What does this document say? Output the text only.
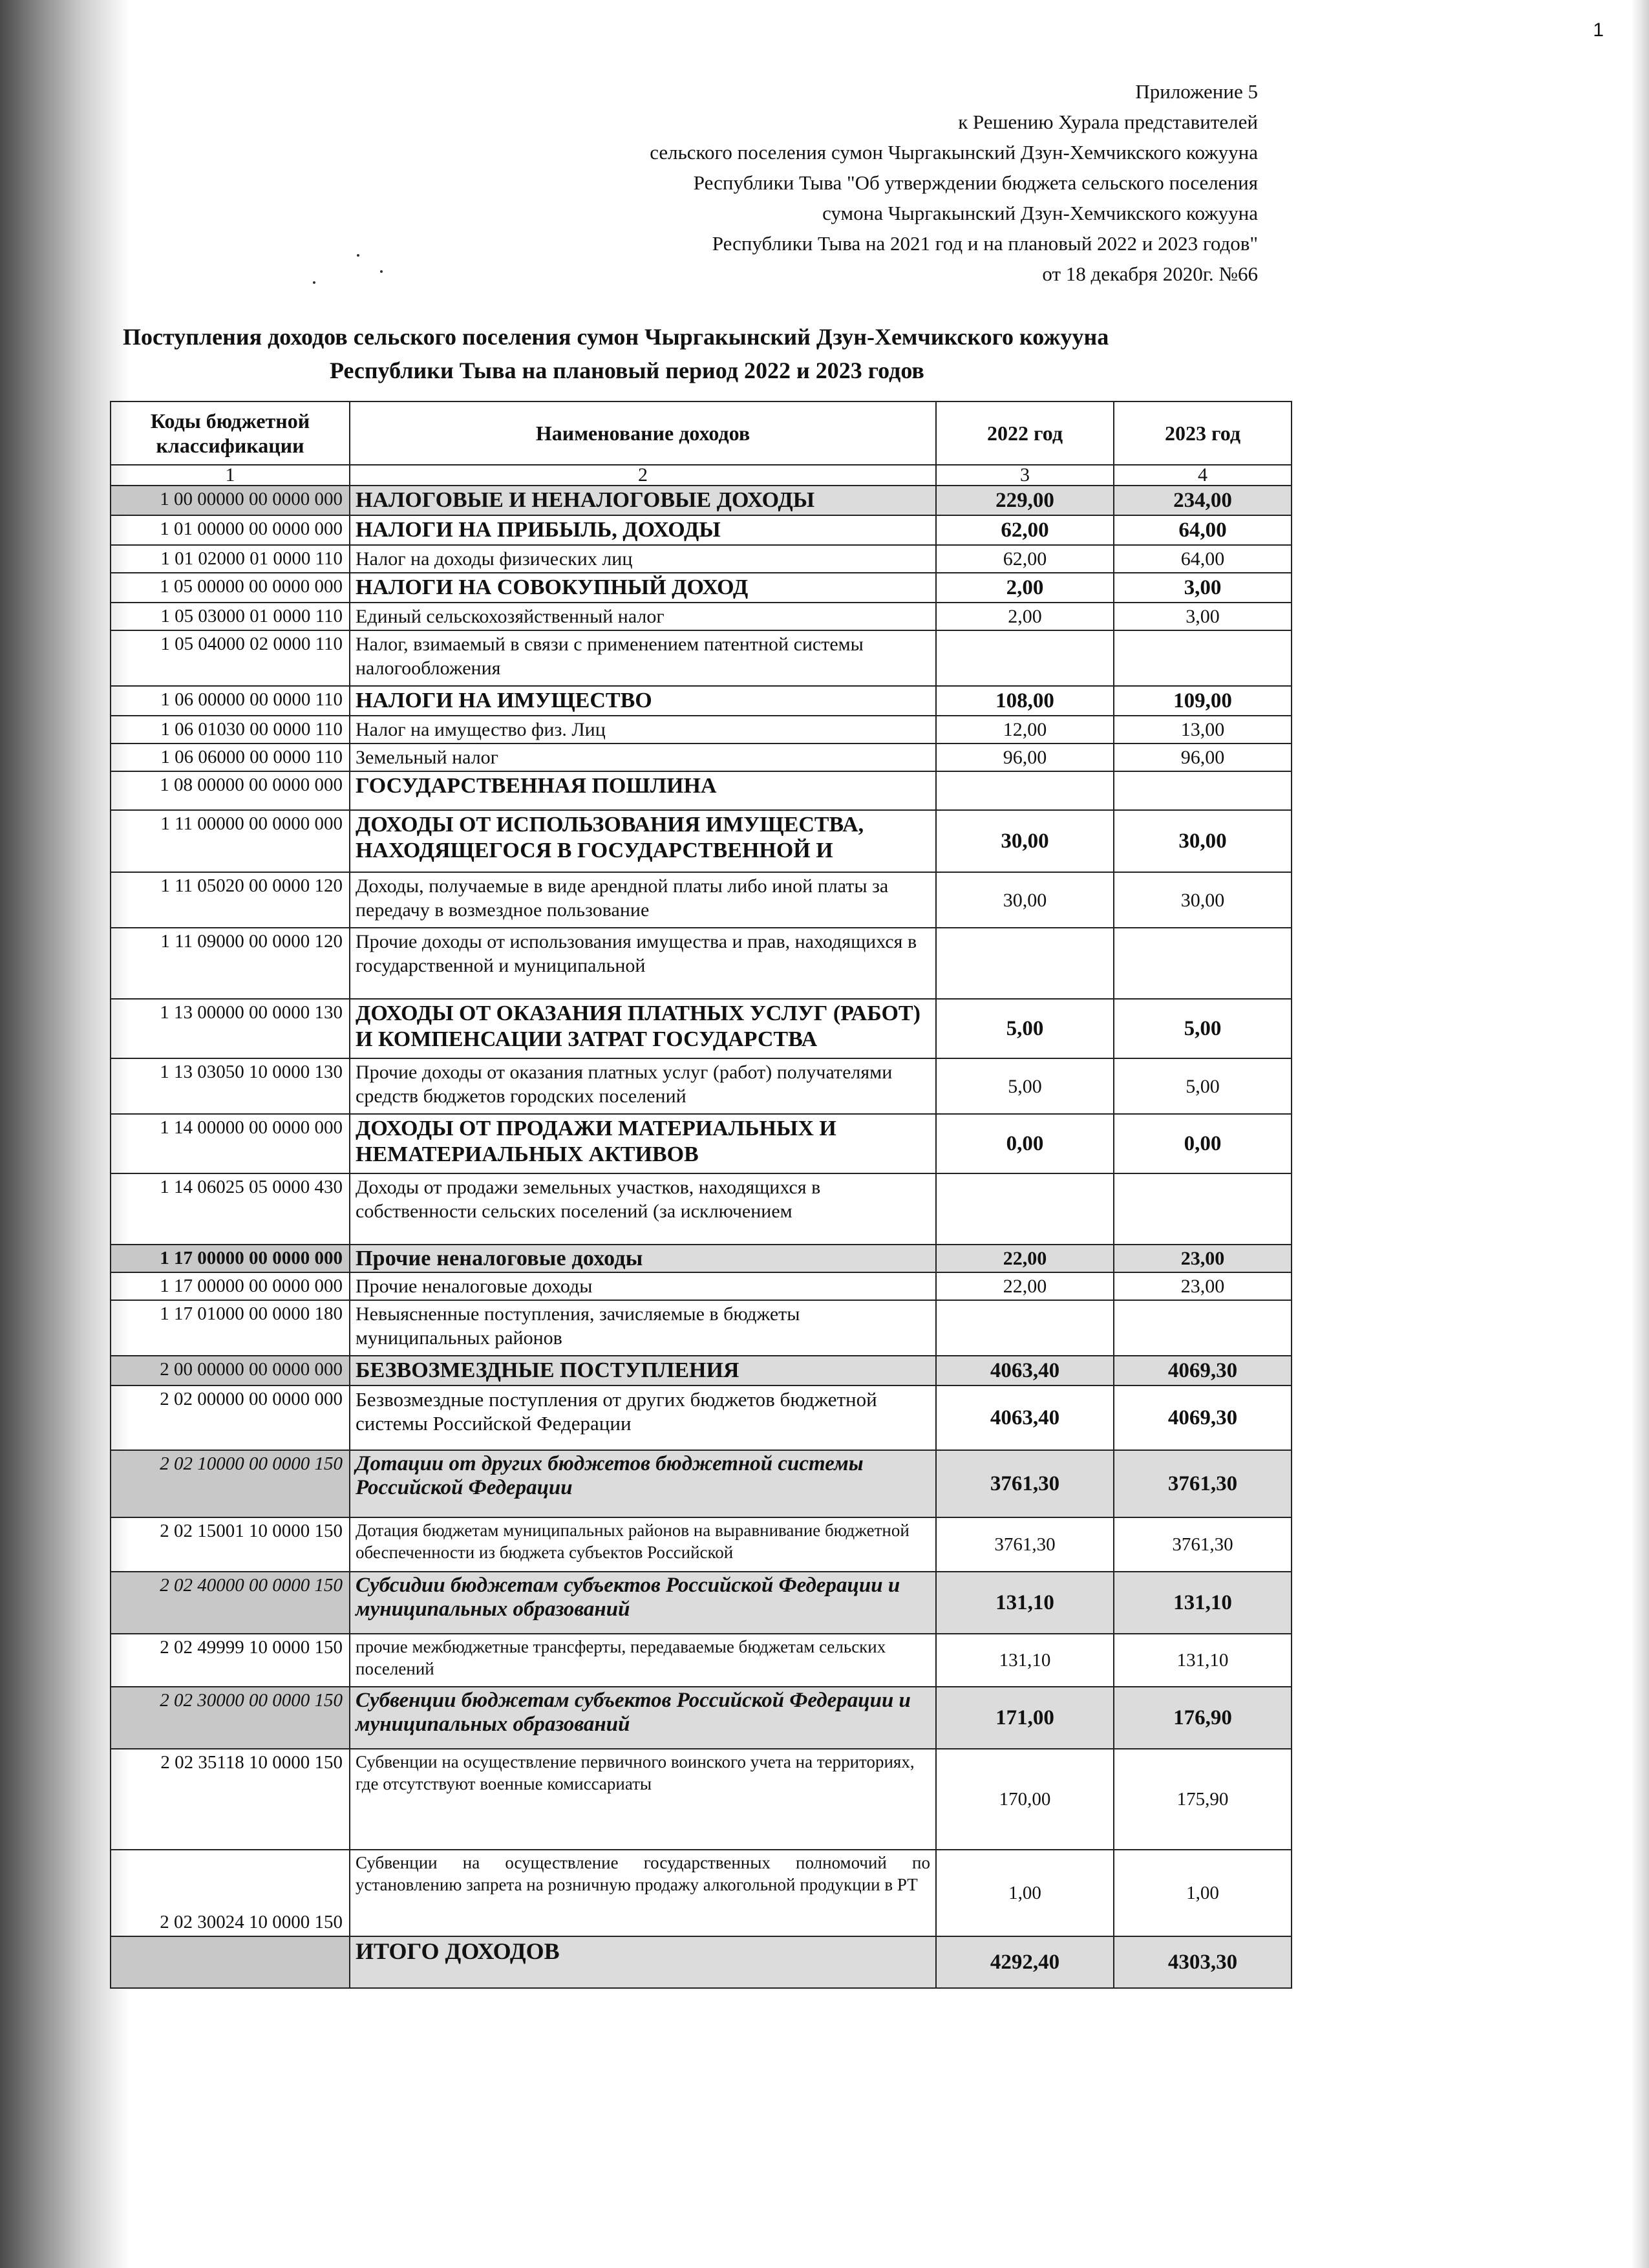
1
Приложение 5
к Решению Хурала представителей
сельского поселения сумон Чыргакынский Дзун-Хемчикского кожууна
Республики Тыва "Об утверждении бюджета сельского поселения
сумона Чыргакынский Дзун-Хемчикского кожууна
Республики Тыва на 2021 год и на плановый 2022 и 2023 годов"
от 18 декабря 2020г. №66
Поступления доходов сельского поселения сумон Чыргакынский Дзун-Хемчикского кожууна
Республики Тыва на плановый период 2022 и 2023 годов
Коды бюджетной классификации	Наименование доходов	2022 год	2023 год
1	2	3	4
1 00 00000 00 0000 000	НАЛОГОВЫЕ И НЕНАЛОГОВЫЕ ДОХОДЫ	229,00	234,00
1 01 00000 00 0000 000	НАЛОГИ НА ПРИБЫЛЬ, ДОХОДЫ	62,00	64,00
1 01 02000 01 0000 110	Налог на доходы физических лиц	62,00	64,00
1 05 00000 00 0000 000	НАЛОГИ НА СОВОКУПНЫЙ ДОХОД	2,00	3,00
1 05 03000 01 0000 110	Единый сельскохозяйственный налог	2,00	3,00
1 05 04000 02 0000 110	Налог, взимаемый в связи с применением патентной системы налогообложения		
1 06 00000 00 0000 110	НАЛОГИ НА ИМУЩЕСТВО	108,00	109,00
1 06 01030 00 0000 110	Налог на имущество физ. Лиц	12,00	13,00
1 06 06000 00 0000 110	Земельный налог	96,00	96,00
1 08 00000 00 0000 000	ГОСУДАРСТВЕННАЯ ПОШЛИНА		
1 11 00000 00 0000 000	ДОХОДЫ ОТ ИСПОЛЬЗОВАНИЯ ИМУЩЕСТВА, НАХОДЯЩЕГОСЯ В ГОСУДАРСТВЕННОЙ И	30,00	30,00
1 11 05020 00 0000 120	Доходы, получаемые в виде арендной платы либо иной платы за передачу в возмездное пользование	30,00	30,00
1 11 09000 00 0000 120	Прочие доходы от использования имущества и прав, находящихся в государственной и муниципальной		
1 13 00000 00 0000 130	ДОХОДЫ ОТ ОКАЗАНИЯ ПЛАТНЫХ УСЛУГ (РАБОТ) И КОМПЕНСАЦИИ ЗАТРАТ ГОСУДАРСТВА	5,00	5,00
1 13 03050 10 0000 130	Прочие доходы от оказания платных услуг (работ) получателями средств бюджетов городских поселений	5,00	5,00
1 14 00000 00 0000 000	ДОХОДЫ ОТ ПРОДАЖИ МАТЕРИАЛЬНЫХ И НЕМАТЕРИАЛЬНЫХ АКТИВОВ	0,00	0,00
1 14 06025 05 0000 430	Доходы от продажи земельных участков, находящихся в собственности сельских поселений (за исключением		
1 17 00000 00 0000 000	Прочие неналоговые доходы	22,00	23,00
1 17 00000 00 0000 000	Прочие неналоговые доходы	22,00	23,00
1 17 01000 00 0000 180	Невыясненные поступления, зачисляемые в бюджеты муниципальных районов		
2 00 00000 00 0000 000	БЕЗВОЗМЕЗДНЫЕ ПОСТУПЛЕНИЯ	4063,40	4069,30
2 02 00000 00 0000 000	Безвозмездные поступления от других бюджетов бюджетной системы Российской Федерации	4063,40	4069,30
2 02 10000 00 0000 150	Дотации от других бюджетов бюджетной системы Российской Федерации	3761,30	3761,30
2 02 15001 10 0000 150	Дотация бюджетам муниципальных районов на выравнивание бюджетной обеспеченности из бюджета субъектов Российской	3761,30	3761,30
2 02 40000 00 0000 150	Субсидии бюджетам субъектов Российской Федерации и муниципальных образований	131,10	131,10
2 02 49999 10 0000 150	прочие межбюджетные трансферты, передаваемые бюджетам сельских поселений	131,10	131,10
2 02 30000 00 0000 150	Субвенции бюджетам субъектов Российской Федерации и муниципальных образований	171,00	176,90
2 02 35118 10 0000 150	Субвенции на осуществление первичного воинского учета на территориях, где отсутствуют военные комиссариаты	170,00	175,90
2 02 30024 10 0000 150	Субвенции на осуществление государственных полномочий по установлению запрета на розничную продажу алкогольной продукции в РТ	1,00	1,00
	ИТОГО ДОХОДОВ	4292,40	4303,30
